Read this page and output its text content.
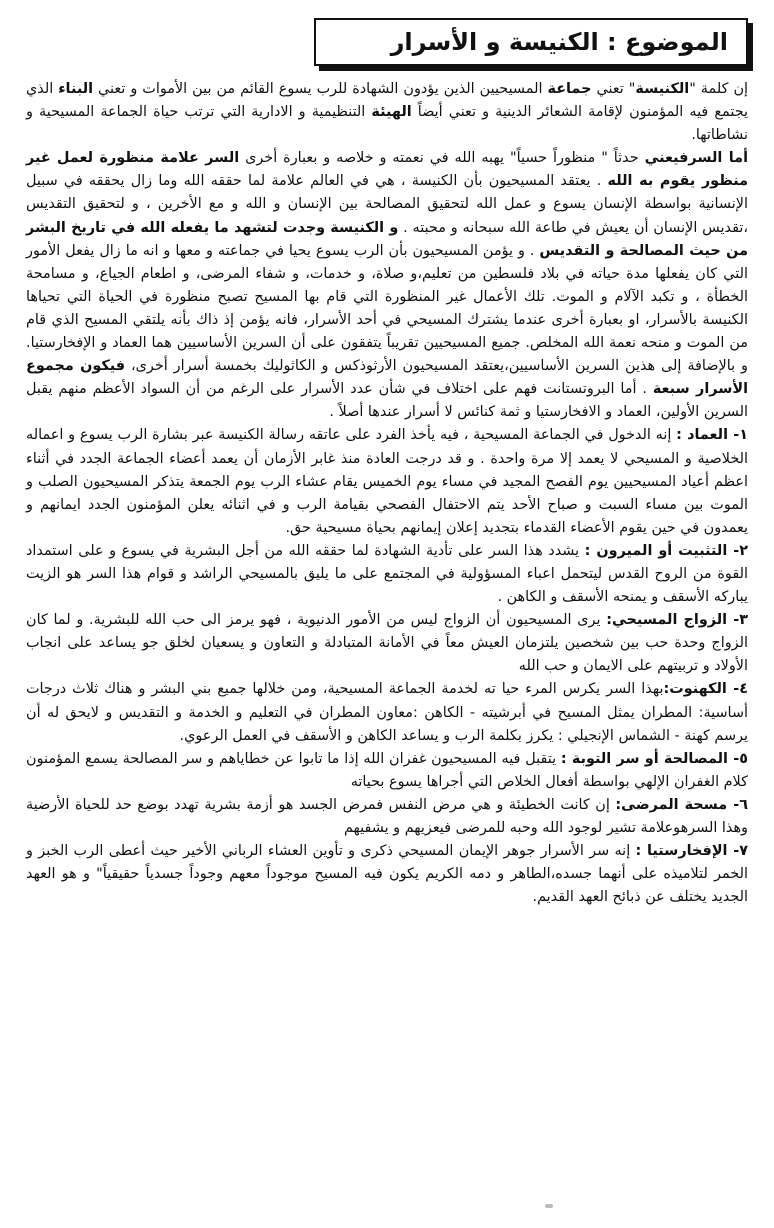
الموضوع : الكنيسة و الأسرار

إن كلمة "الكنيسة" تعني جماعة المسيحيين الذين يؤدون الشهادة للرب يسوع القائم من بين الأموات و تعني البناء الذي يجتمع فيه المؤمنون لإقامة الشعائر الدينية و تعني أيضاً الهيئة التنظيمية و الادارية التي ترتب حياة الجماعة المسيحية و نشاطاتها.

أما السرفيعني حدثاً " منظوراً حسياً" يهبه الله في نعمته و خلاصه و بعبارة أخرى السر علامة منظورة لعمل غير منظور يقوم به الله . يعتقد المسيحيون بأن الكنيسة ، هي في العالم علامة لما حققه الله وما زال يحققه في سبيل الإنسانية بواسطة الإنسان يسوع و عمل الله لتحقيق المصالحة بين الإنسان و الله و مع الأخرين ، و لتحقيق التقديس ،تقديس الإنسان أن يعيش في طاعة الله سبحانه و محبته . و الكنيسة وجدت لتشهد ما يفعله الله في تاريخ البشر من حيث المصالحة و التقديس . و يؤمن المسيحيون بأن الرب يسوع يحيا في جماعته و معها و انه ما زال يفعل الأمور التي كان يفعلها مدة حياته في بلاد فلسطين من تعليم،و صلاة، و خدمات، و شفاء المرضى، و اطعام الجياع، و مسامحة الخطأة ، و تكبد الآلام و الموت. تلك الأعمال غير المنظورة التي قام بها المسيح تصبح منظورة في الحياة التي تحياها الكنيسة بالأسرار، او بعبارة أخرى عندما يشترك المسيحي في أحد الأسرار، فانه يؤمن إذ ذاك بأنه يلتقي المسيح الذي قام من الموت و منحه نعمة الله المخلص. جميع المسيحيين تقريباً يتفقون على أن السرين الأساسيين هما العماد و الإفخارستيا. و بالإضافة إلى هذين السرين الأساسيين،يعتقد المسيحيون الأرثوذكس و الكاثوليك بخمسة أسرار أخرى، فيكون مجموع الأسرار سبعة . أما البروتستانت فهم على اختلاف في شأن عدد الأسرار على الرغم من أن السواد الأعظم منهم يقبل السرين الأولين، العماد و الافخارستيا و ثمة كنائس لا أسرار عندها أصلاً .

١- العماد : إنه الدخول في الجماعة المسيحية ، فيه يأخذ الفرد على عاتقه رسالة الكنيسة عبر بشارة الرب يسوع و اعماله الخلاصية و المسيحي لا يعمد إلا مرة واحدة . و قد درجت العادة منذ غابر الأزمان أن يعمد أعضاء الجماعة الجدد في أثناء اعظم أعياد المسيحيين يوم الفصح المجيد في مساء يوم الخميس يقام عشاء الرب يوم الجمعة يتذكر المسيحيون الصلب و الموت بين مساء السبت و صباح الأحد يتم الاحتفال الفصحي بقيامة الرب و في اثنائه يعلن المؤمنون الجدد ايمانهم و يعمدون في حين يقوم الأعضاء القدماء بتجديد إعلان إيمانهم بحياة مسيحية حق.

٢- التثبيت أو الميرون : يشدد هذا السر على تأدية الشهادة لما حققه الله من أجل البشرية في يسوع و على استمداد القوة من الروح القدس ليتحمل اعباء المسؤولية في المجتمع على ما يليق بالمسيحي الراشد و قوام هذا السر هو الزيت يباركه الأسقف و يمنحه الأسقف و الكاهن .

٣- الزواج المسيحي: يرى المسيحيون أن الزواج ليس من الأمور الدنيوية ، فهو يرمز الى حب الله للبشرية. و لما كان الزواج وحدة حب بين شخصين يلتزمان العيش معاً في الأمانة المتبادلة و التعاون و يسعيان لخلق جو يساعد على انجاب الأولاد و تربيتهم على الايمان و حب الله

٤- الكهنوت:بهذا السر يكرس المرء حيا ته لخدمة الجماعة المسيحية، ومن خلالها جميع بني البشر و هناك ثلاث درجات أساسية: المطران يمثل المسيح في أبرشيته - الكاهن :معاون المطران في التعليم و الخدمة و التقديس و لايحق له أن يرسم كهنة - الشماس الإنجيلي : يكرز بكلمة الرب و يساعد الكاهن و الأسقف في العمل الرعوي.

٥- المصالحة أو سر التوبة : يتقبل فيه المسيحيون غفران الله إذا ما تابوا عن خطاياهم و سر المصالحة يسمع المؤمنون كلام الغفران الإلهي بواسطة أفعال الخلاص التي أجراها يسوع بحياته

٦- مسحة المرضى: إن كانت الخطيئة و هي مرض النفس فمرض الجسد هو أزمة بشرية تهدد بوضع حد للحياة الأرضية وهذا السرهوعلامة تشير لوجود الله وحبه للمرضى فيعزيهم و يشفيهم

٧- الإفخارستيا : إنه سر الأسرار جوهر الإيمان المسيحي ذكرى و تأوين العشاء الرباني الأخير حيث أعطى الرب الخبز و الخمر لتلاميذه على أنهما جسده،الطاهر و دمه الكريم يكون فيه المسيح موجوداً معهم وجوداً جسدياً حقيقياً" و هو العهد الجديد يختلف عن ذبائح العهد القديم.
